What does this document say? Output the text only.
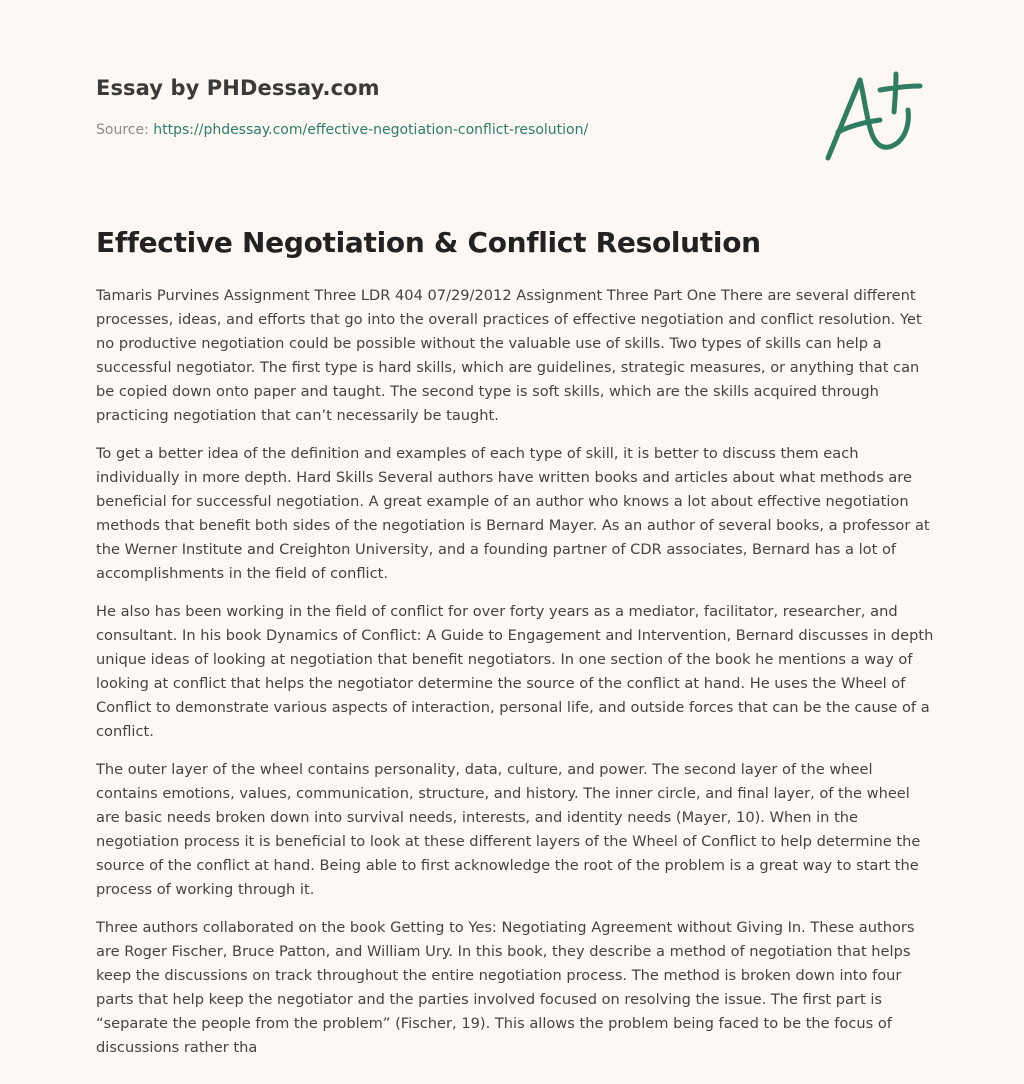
Essay by PHDessay.com
Source: https://phdessay.com/effective-negotiation-conflict-resolution/
Effective Negotiation & Conflict Resolution

Tamaris Purvines Assignment Three LDR 404 07/29/2012 Assignment Three Part One There are several different processes, ideas, and efforts that go into the overall practices of effective negotiation and conflict resolution. Yet no productive negotiation could be possible without the valuable use of skills. Two types of skills can help a successful negotiator. The first type is hard skills, which are guidelines, strategic measures, or anything that can be copied down onto paper and taught. The second type is soft skills, which are the skills acquired through practicing negotiation that can’t necessarily be taught.

To get a better idea of the definition and examples of each type of skill, it is better to discuss them each individually in more depth. Hard Skills Several authors have written books and articles about what methods are beneficial for successful negotiation. A great example of an author who knows a lot about effective negotiation methods that benefit both sides of the negotiation is Bernard Mayer. As an author of several books, a professor at the Werner Institute and Creighton University, and a founding partner of CDR associates, Bernard has a lot of accomplishments in the field of conflict.

He also has been working in the field of conflict for over forty years as a mediator, facilitator, researcher, and consultant. In his book Dynamics of Conflict: A Guide to Engagement and Intervention, Bernard discusses in depth unique ideas of looking at negotiation that benefit negotiators. In one section of the book he mentions a way of looking at conflict that helps the negotiator determine the source of the conflict at hand. He uses the Wheel of Conflict to demonstrate various aspects of interaction, personal life, and outside forces that can be the cause of a conflict.

The outer layer of the wheel contains personality, data, culture, and power. The second layer of the wheel contains emotions, values, communication, structure, and history. The inner circle, and final layer, of the wheel are basic needs broken down into survival needs, interests, and identity needs (Mayer, 10). When in the negotiation process it is beneficial to look at these different layers of the Wheel of Conflict to help determine the source of the conflict at hand. Being able to first acknowledge the root of the problem is a great way to start the process of working through it.

Three authors collaborated on the book Getting to Yes: Negotiating Agreement without Giving In. These authors are Roger Fischer, Bruce Patton, and William Ury. In this book, they describe a method of negotiation that helps keep the discussions on track throughout the entire negotiation process. The method is broken down into four parts that help keep the negotiator and the parties involved focused on resolving the issue. The first part is “separate the people from the problem” (Fischer, 19). This allows the problem being faced to be the focus of discussions rather tha
